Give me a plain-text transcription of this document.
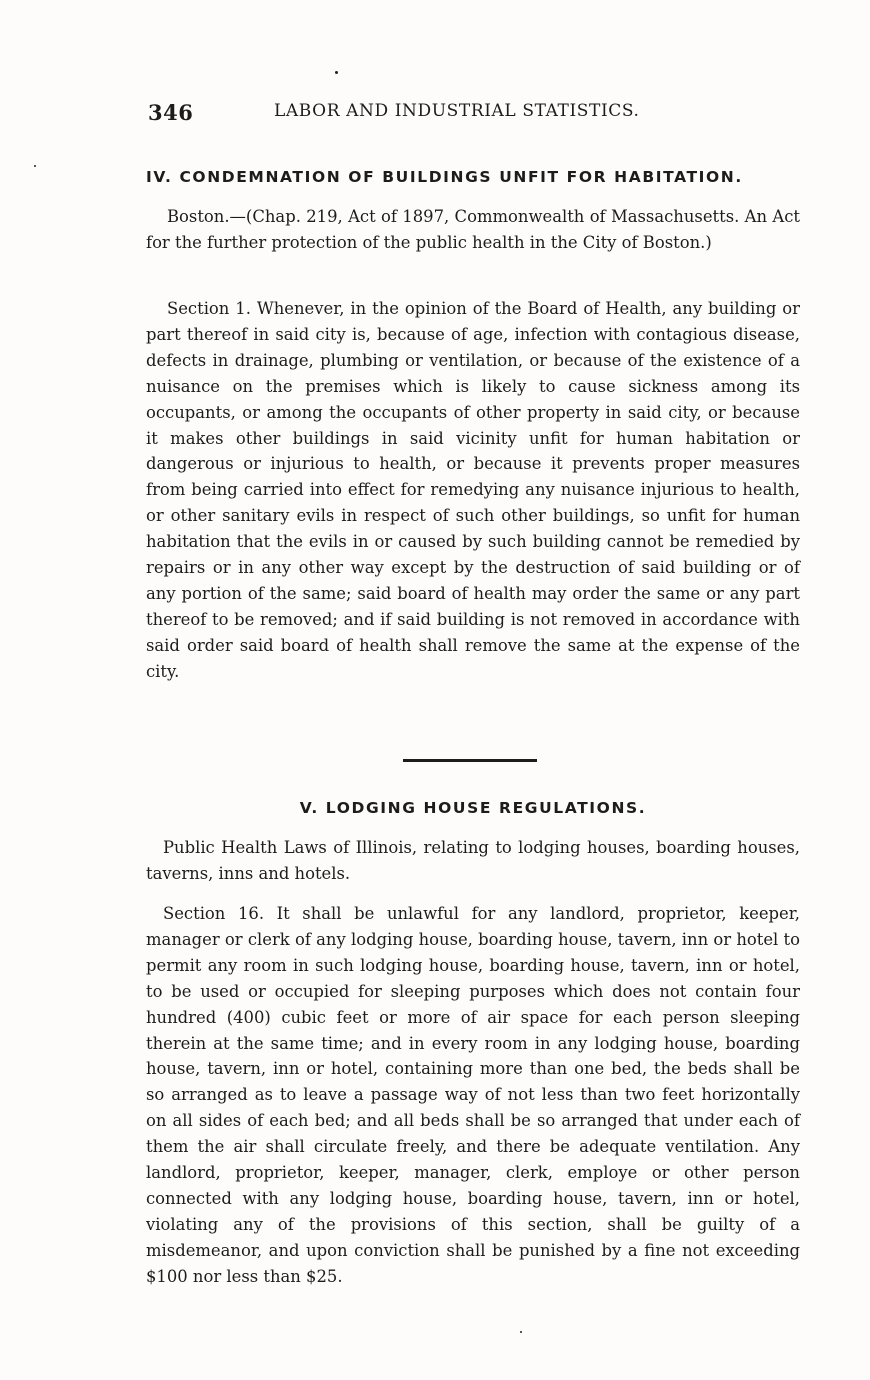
346	LABOR AND INDUSTRIAL STATISTICS.
IV. CONDEMNATION OF BUILDINGS UNFIT FOR HABITATION.

Boston.—(Chap. 219, Act of 1897, Commonwealth of Massachusetts. An Act for the further protection of the public health in the City of Boston.)

Section 1. Whenever, in the opinion of the Board of Health, any building or part thereof in said city is, because of age, infection with contagious disease, defects in drainage, plumbing or ventilation, or because of the existence of a nuisance on the premises which is likely to cause sickness among its occupants, or among the occupants of other property in said city, or because it makes other buildings in said vicinity unfit for human habitation or dangerous or injurious to health, or because it prevents proper measures from being carried into effect for remedying any nuisance injurious to health, or other sanitary evils in respect of such other buildings, so unfit for human habitation that the evils in or caused by such building cannot be remedied by repairs or in any other way except by the destruction of said building or of any portion of the same; said board of health may order the same or any part thereof to be removed; and if said building is not removed in accordance with said order said board of health shall remove the same at the expense of the city.

V. LODGING HOUSE REGULATIONS.

Public Health Laws of Illinois, relating to lodging houses, boarding houses, taverns, inns and hotels.

Section 16. It shall be unlawful for any landlord, proprietor, keeper, manager or clerk of any lodging house, boarding house, tavern, inn or hotel to permit any room in such lodging house, boarding house, tavern, inn or hotel, to be used or occupied for sleeping purposes which does not contain four hundred (400) cubic feet or more of air space for each person sleeping therein at the same time; and in every room in any lodging house, boarding house, tavern, inn or hotel, containing more than one bed, the beds shall be so arranged as to leave a passage way of not less than two feet horizontally on all sides of each bed; and all beds shall be so arranged that under each of them the air shall circulate freely, and there be adequate ventilation. Any landlord, proprietor, keeper, manager, clerk, employe or other person connected with any lodging house, boarding house, tavern, inn or hotel, violating any of the provisions of this section, shall be guilty of a misdemeanor, and upon conviction shall be punished by a fine not exceeding $100 nor less than $25.
